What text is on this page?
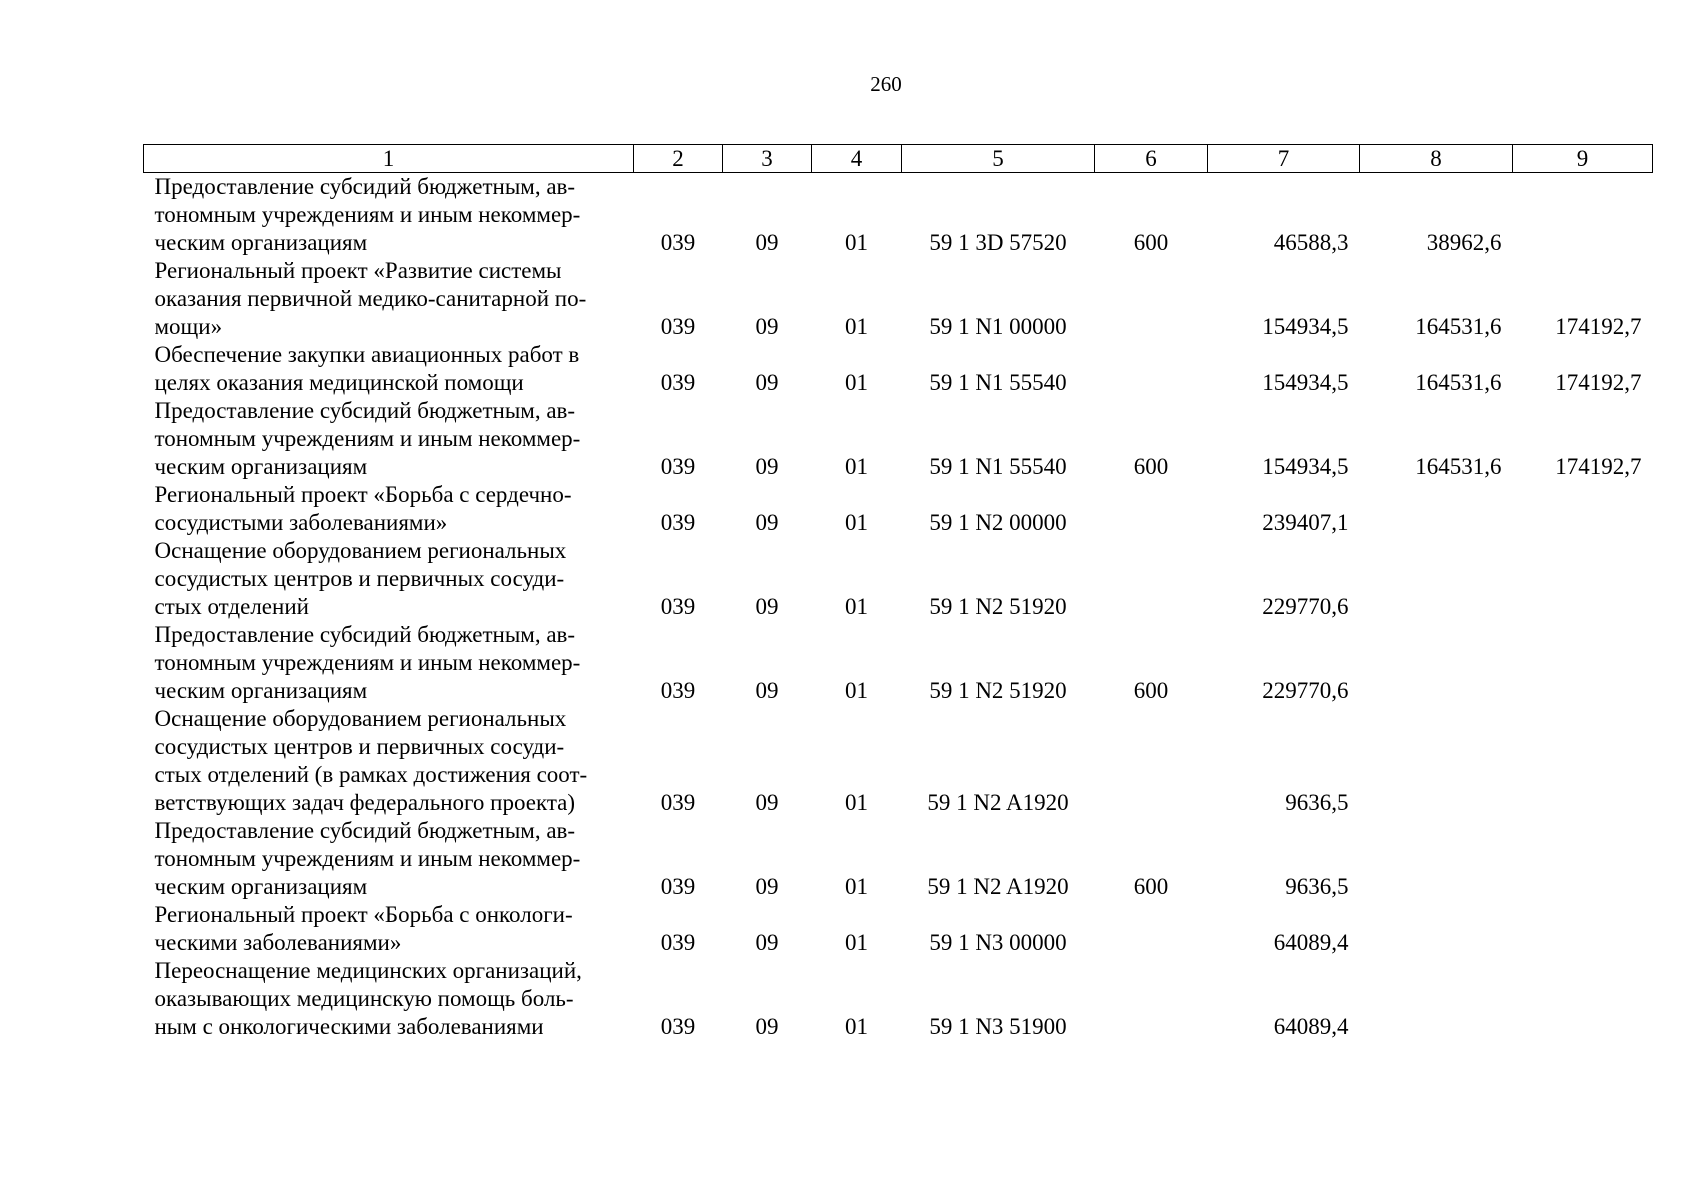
260
1	2	3	4	5	6	7	8	9

Предоставление субсидий бюджетным, ав-
тономным учреждениям и иным некоммер-
ческим организациям	039	09	01	59 1 3D 57520	600	46588,3	38962,6	

Региональный проект «Развитие системы
оказания первичной медико-санитарной по-
мощи»	039	09	01	59 1 N1 00000		154934,5	164531,6	174192,7

Обеспечение закупки авиационных работ в
целях оказания медицинской помощи	039	09	01	59 1 N1 55540		154934,5	164531,6	174192,7

Предоставление субсидий бюджетным, ав-
тономным учреждениям и иным некоммер-
ческим организациям	039	09	01	59 1 N1 55540	600	154934,5	164531,6	174192,7

Региональный проект «Борьба с сердечно-
сосудистыми заболеваниями»	039	09	01	59 1 N2 00000		239407,1		

Оснащение оборудованием региональных
сосудистых центров и первичных сосуди-
стых отделений	039	09	01	59 1 N2 51920		229770,6		

Предоставление субсидий бюджетным, ав-
тономным учреждениям и иным некоммер-
ческим организациям	039	09	01	59 1 N2 51920	600	229770,6		

Оснащение оборудованием региональных
сосудистых центров и первичных сосуди-
стых отделений (в рамках достижения соот-
ветствующих задач федерального проекта)	039	09	01	59 1 N2 A1920		9636,5		

Предоставление субсидий бюджетным, ав-
тономным учреждениям и иным некоммер-
ческим организациям	039	09	01	59 1 N2 A1920	600	9636,5		

Региональный проект «Борьба с онкологи-
ческими заболеваниями»	039	09	01	59 1 N3 00000		64089,4		

Переоснащение медицинских организаций,
оказывающих медицинскую помощь боль-
ным с онкологическими заболеваниями	039	09	01	59 1 N3 51900		64089,4		
